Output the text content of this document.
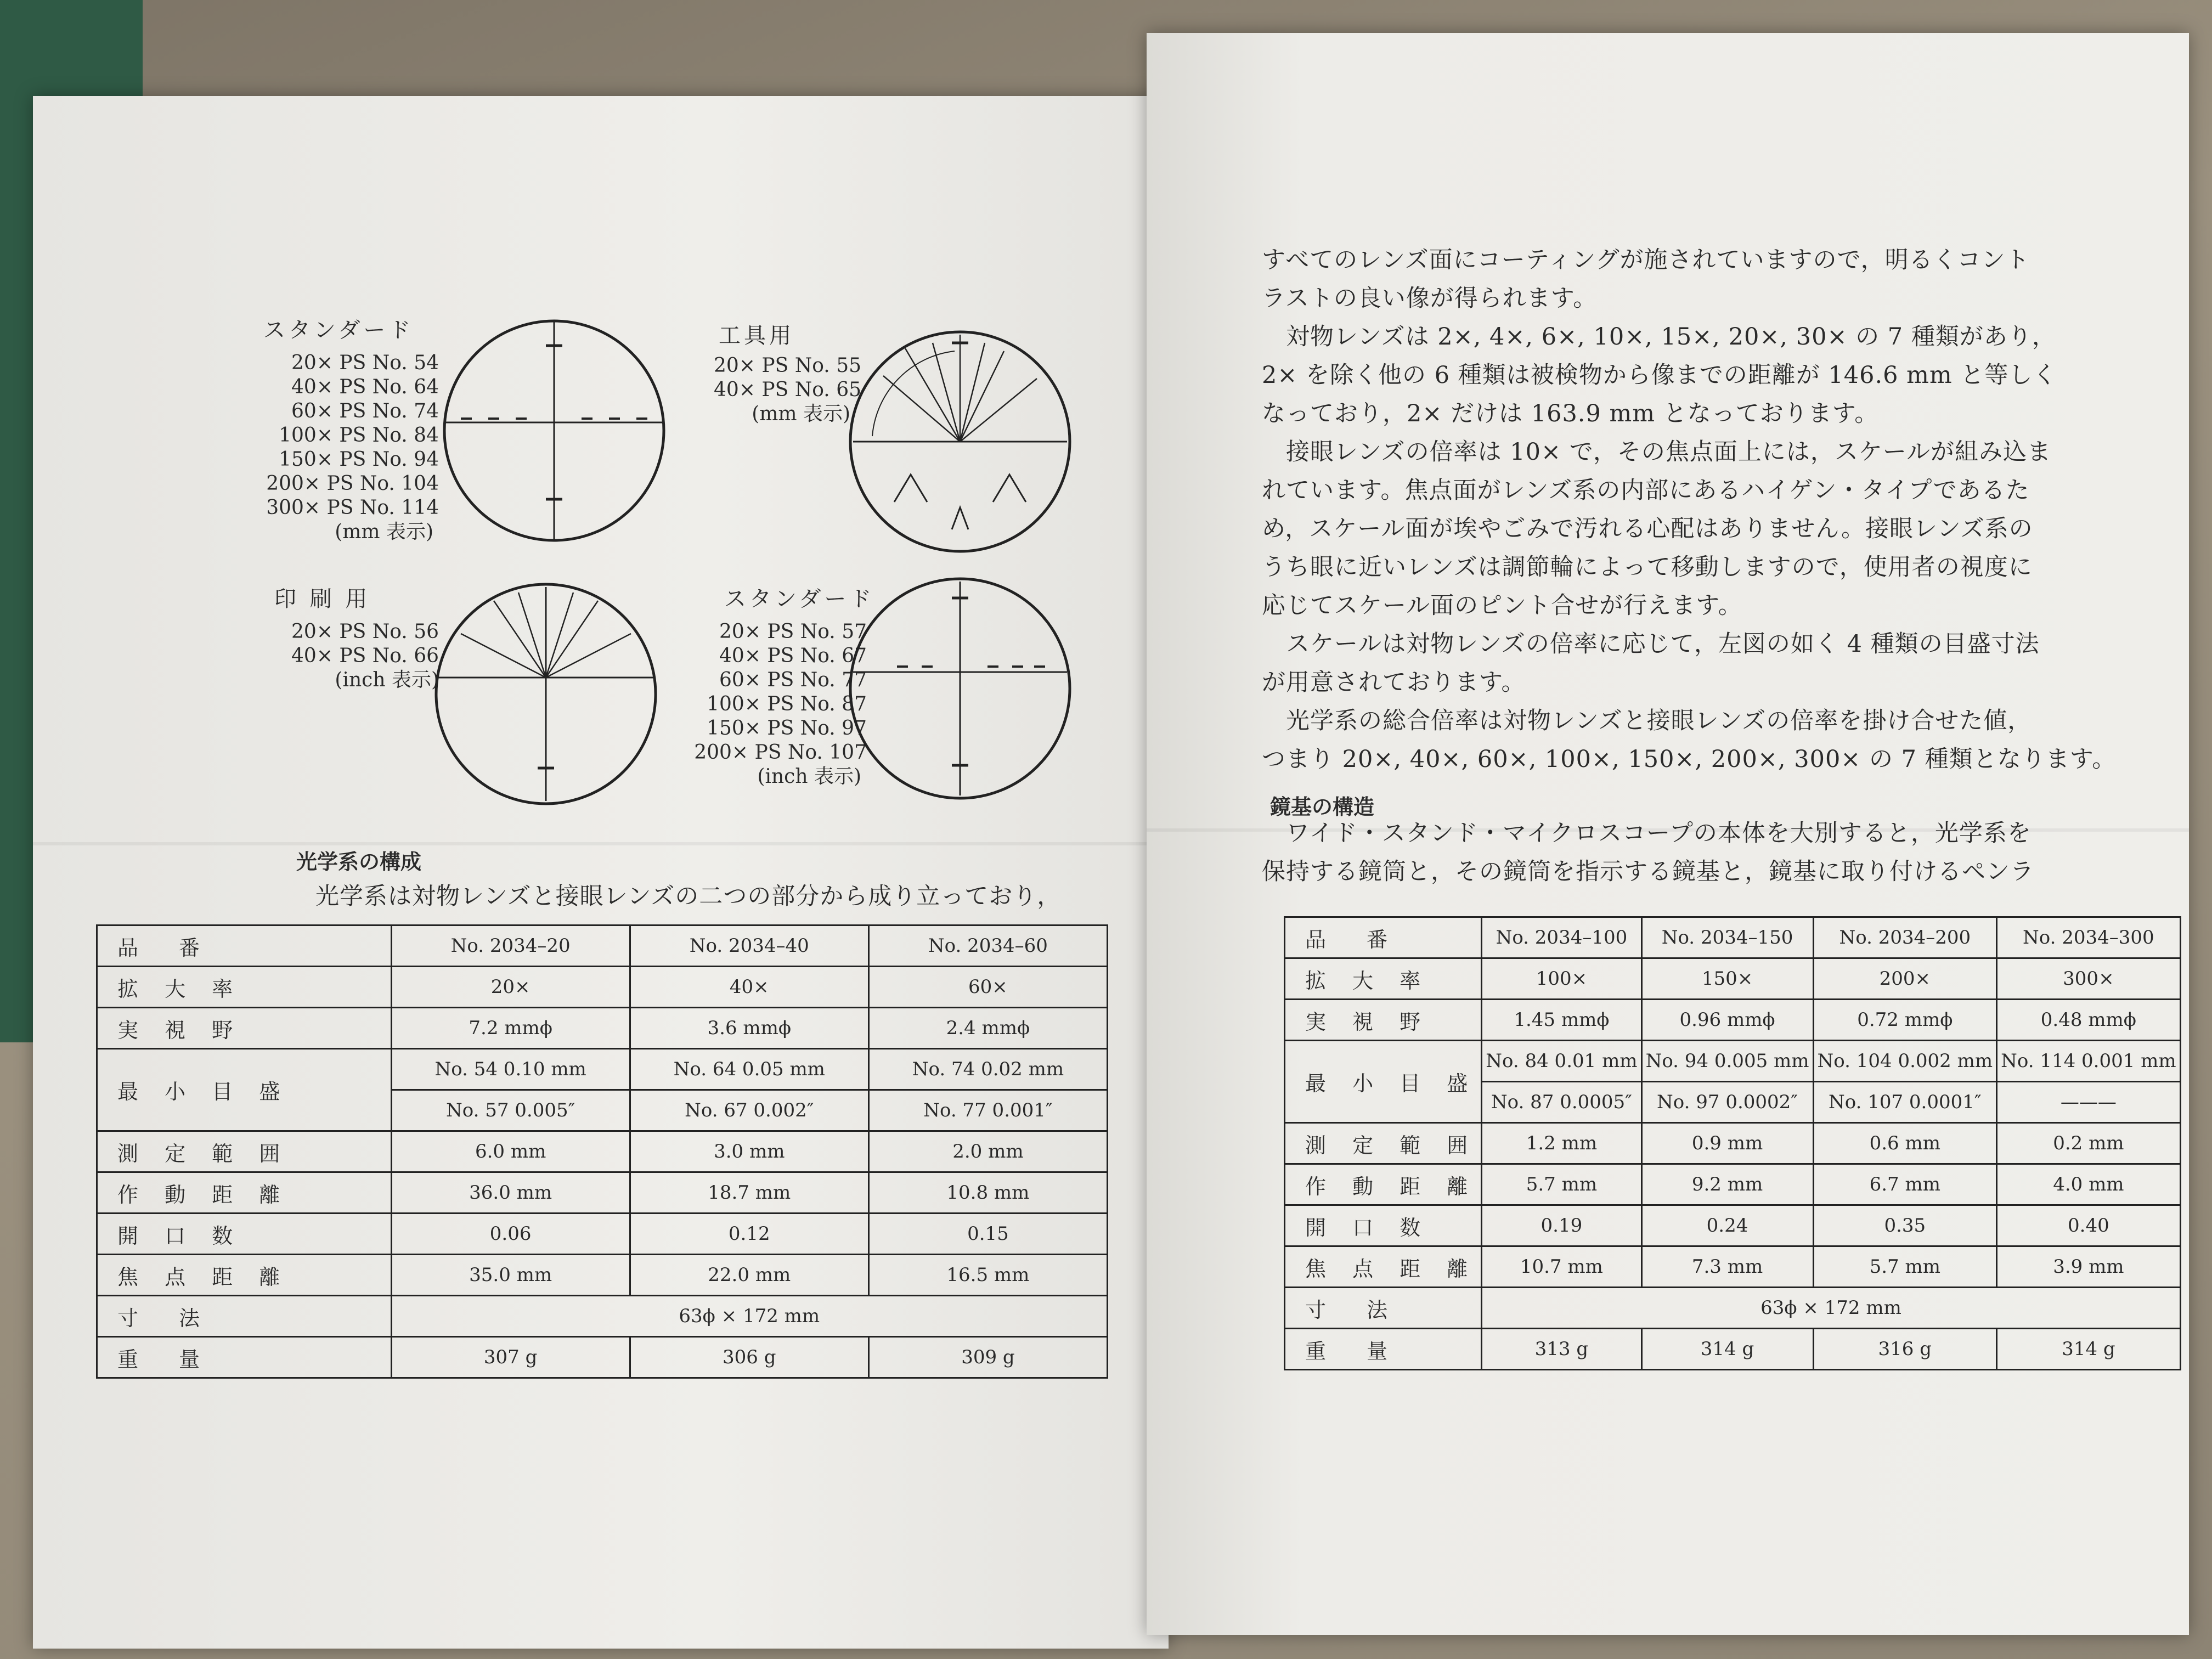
スタンダード
20× PS No. 54
40× PS No. 64
60× PS No. 74
100× PS No. 84
150× PS No. 94
200× PS No. 104
300× PS No. 114
(mm 表示)
工具用
20× PS No. 55
40× PS No. 65
(mm 表示)
印 刷 用
20× PS No. 56
40× PS No. 66
(inch 表示)
スタンダード
20× PS No. 57
40× PS No. 67
60× PS No. 77
100× PS No. 87
150× PS No. 97
200× PS No. 107
(inch 表示)
光学系の構成
光学系は対物レンズと接眼レンズの二つの部分から成り立っており，
品　番	No. 2034–20	No. 2034–40	No. 2034–60
拡 大 率	20×	40×	60×
実 視 野	7.2 mmϕ	3.6 mmϕ	2.4 mmϕ
最 小 目 盛	No. 54 0.10 mm	No. 64 0.05 mm	No. 74 0.02 mm
	No. 57 0.005″	No. 67 0.002″	No. 77 0.001″
測 定 範 囲	6.0 mm	3.0 mm	2.0 mm
作 動 距 離	36.0 mm	18.7 mm	10.8 mm
開 口 数	0.06	0.12	0.15
焦 点 距 離	35.0 mm	22.0 mm	16.5 mm
寸　法	63ϕ × 172 mm		
重　量	307 g	306 g	309 g
すべてのレンズ面にコーティングが施されていますので，明るくコント
ラストの良い像が得られます。
　対物レンズは 2×, 4×, 6×, 10×, 15×, 20×, 30× の 7 種類があり，
2× を除く他の 6 種類は被検物から像までの距離が 146.6 mm と等しく
なっており，2× だけは 163.9 mm となっております。
　接眼レンズの倍率は 10× で，その焦点面上には，スケールが組み込ま
れています。焦点面がレンズ系の内部にあるハイゲン・タイプであるた
め，スケール面が埃やごみで汚れる心配はありません。接眼レンズ系の
うち眼に近いレンズは調節輪によって移動しますので，使用者の視度に
応じてスケール面のピント合せが行えます。
　スケールは対物レンズの倍率に応じて，左図の如く 4 種類の目盛寸法
が用意されております。
　光学系の総合倍率は対物レンズと接眼レンズの倍率を掛け合せた値，
つまり 20×, 40×, 60×, 100×, 150×, 200×, 300× の 7 種類となります。
鏡基の構造
　ワイド・スタンド・マイクロスコープの本体を大別すると，光学系を
保持する鏡筒と，その鏡筒を指示する鏡基と，鏡基に取り付けるペンラ
品　番	No. 2034–100	No. 2034–150	No. 2034–200	No. 2034–300
拡 大 率	100×	150×	200×	300×
実 視 野	1.45 mmϕ	0.96 mmϕ	0.72 mmϕ	0.48 mmϕ
最 小 目 盛	No. 84 0.01 mm	No. 94 0.005 mm	No. 104 0.002 mm	No. 114 0.001 mm
	No. 87 0.0005″	No. 97 0.0002″	No. 107 0.0001″	———
測 定 範 囲	1.2 mm	0.9 mm	0.6 mm	0.2 mm
作 動 距 離	5.7 mm	9.2 mm	6.7 mm	4.0 mm
開 口 数	0.19	0.24	0.35	0.40
焦 点 距 離	10.7 mm	7.3 mm	5.7 mm	3.9 mm
寸　法	63ϕ × 172 mm			
重　量	313 g	314 g	316 g	314 g
